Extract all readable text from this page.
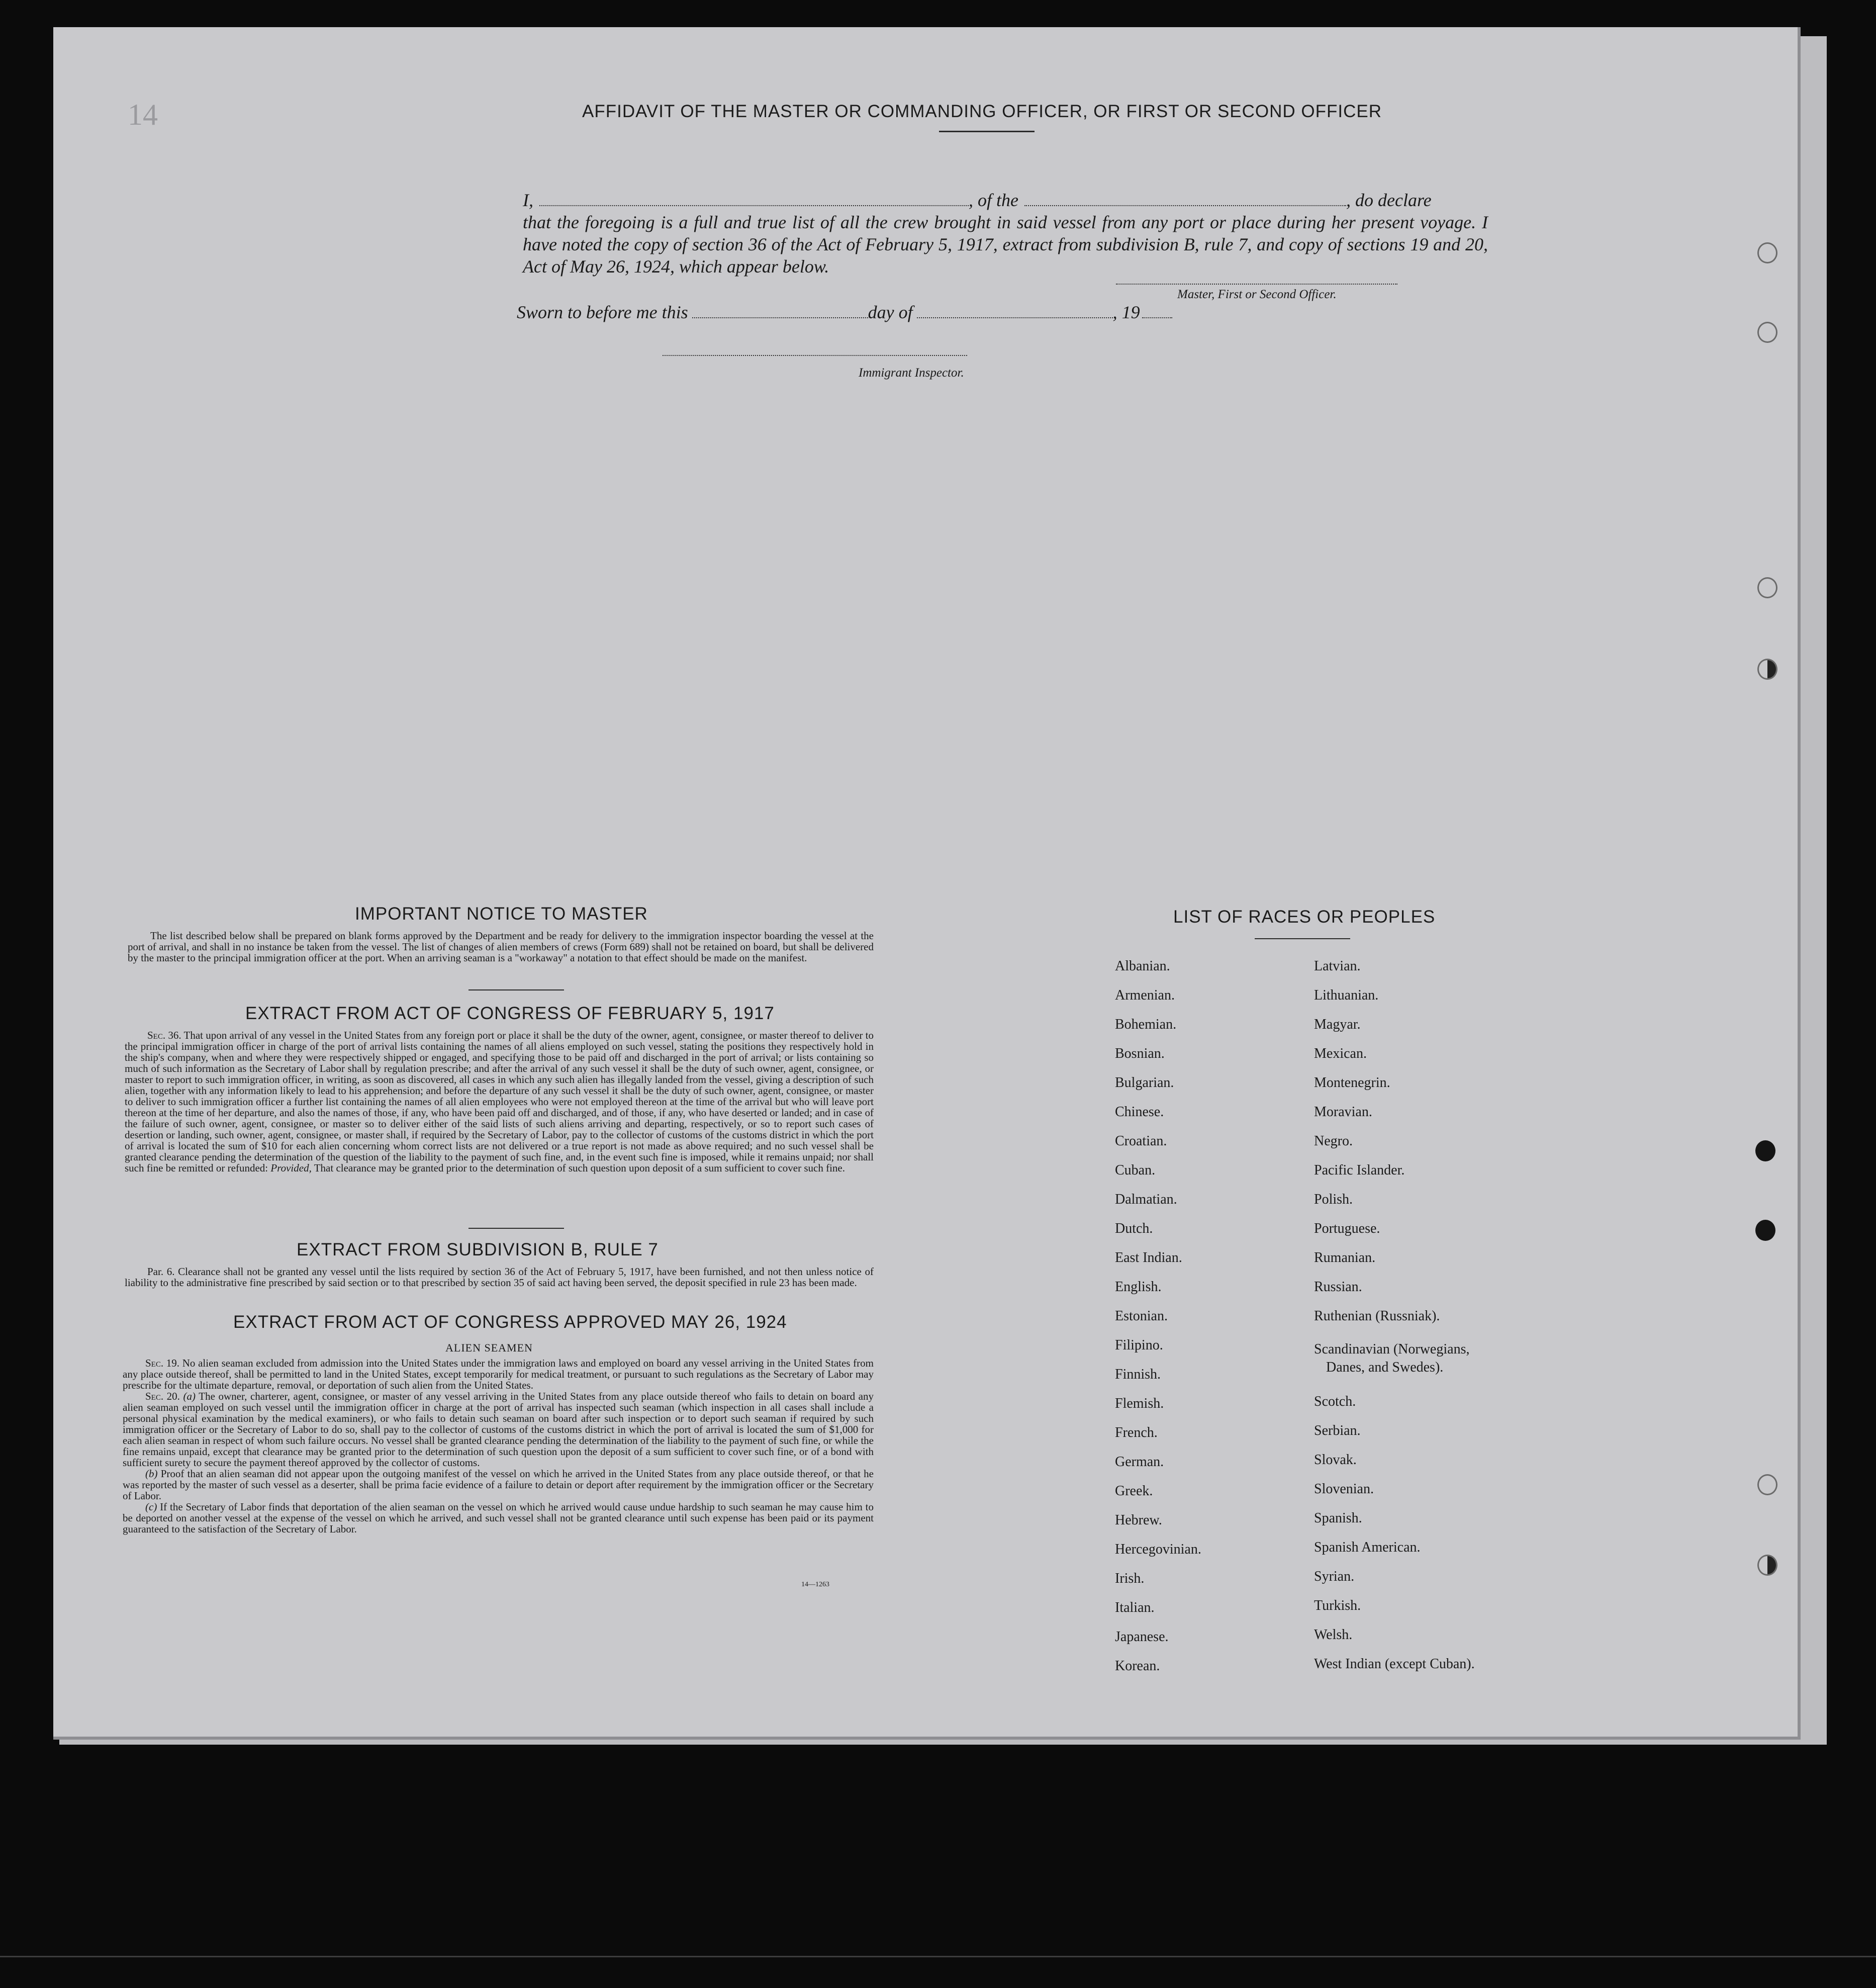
14	AFFIDAVIT OF THE MASTER OR COMMANDING OFFICER, OR FIRST OR SECOND OFFICER
I,	, of the	, do declare
that the foregoing is a full and true list of all the crew brought in said vessel from any port or place during her present voyage. I have noted the copy of section 36 of the Act of February 5, 1917, extract from subdivision B, rule 7, and copy of sections 19 and 20, Act of May 26, 1924, which appear below.
Master, First or Second Officer.
Sworn to before me this	day of	, 19
Immigrant Inspector.
IMPORTANT NOTICE TO MASTER

The list described below shall be prepared on blank forms approved by the Department and be ready for delivery to the immigration inspector boarding the vessel at the port of arrival, and shall in no instance be taken from the vessel. The list of changes of alien members of crews (Form 689) shall not be retained on board, but shall be delivered by the master to the principal immigration officer at the port. When an arriving seaman is a "workaway" a notation to that effect should be made on the manifest.

EXTRACT FROM ACT OF CONGRESS OF FEBRUARY 5, 1917

Sec. 36. That upon arrival of any vessel in the United States from any foreign port or place it shall be the duty of the owner, agent, consignee, or master thereof to deliver to the principal immigration officer in charge of the port of arrival lists containing the names of all aliens employed on such vessel, stating the positions they respectively hold in the ship's company, when and where they were respectively shipped or engaged, and specifying those to be paid off and discharged in the port of arrival; or lists containing so much of such information as the Secretary of Labor shall by regulation prescribe; and after the arrival of any such vessel it shall be the duty of such owner, agent, consignee, or master to report to such immigration officer, in writing, as soon as discovered, all cases in which any such alien has illegally landed from the vessel, giving a description of such alien, together with any information likely to lead to his apprehension; and before the departure of any such vessel it shall be the duty of such owner, agent, consignee, or master to deliver to such immigration officer a further list containing the names of all alien employees who were not employed thereon at the time of the arrival but who will leave port thereon at the time of her departure, and also the names of those, if any, who have been paid off and discharged, and of those, if any, who have deserted or landed; and in case of the failure of such owner, agent, consignee, or master so to deliver either of the said lists of such aliens arriving and departing, respectively, or so to report such cases of desertion or landing, such owner, agent, consignee, or master shall, if required by the Secretary of Labor, pay to the collector of customs of the customs district in which the port of arrival is located the sum of $10 for each alien concerning whom correct lists are not delivered or a true report is not made as above required; and no such vessel shall be granted clearance pending the determination of the question of the liability to the payment of such fine, and, in the event such fine is imposed, while it remains unpaid; nor shall such fine be remitted or refunded: Provided, That clearance may be granted prior to the determination of such question upon deposit of a sum sufficient to cover such fine.

EXTRACT FROM SUBDIVISION B, RULE 7

Par. 6. Clearance shall not be granted any vessel until the lists required by section 36 of the Act of February 5, 1917, have been furnished, and not then unless notice of liability to the administrative fine prescribed by said section or to that prescribed by section 35 of said act having been served, the deposit specified in rule 23 has been made.

EXTRACT FROM ACT OF CONGRESS APPROVED MAY 26, 1924
ALIEN SEAMEN

Sec. 19. No alien seaman excluded from admission into the United States under the immigration laws and employed on board any vessel arriving in the United States from any place outside thereof, shall be permitted to land in the United States, except temporarily for medical treatment, or pursuant to such regulations as the Secretary of Labor may prescribe for the ultimate departure, removal, or deportation of such alien from the United States.

Sec. 20. (a) The owner, charterer, agent, consignee, or master of any vessel arriving in the United States from any place outside thereof who fails to detain on board any alien seaman employed on such vessel until the immigration officer in charge at the port of arrival has inspected such seaman (which inspection in all cases shall include a personal physical examination by the medical examiners), or who fails to detain such seaman on board after such inspection or to deport such seaman if required by such immigration officer or the Secretary of Labor to do so, shall pay to the collector of customs of the customs district in which the port of arrival is located the sum of $1,000 for each alien seaman in respect of whom such failure occurs. No vessel shall be granted clearance pending the determination of the liability to the payment of such fine, or while the fine remains unpaid, except that clearance may be granted prior to the determination of such question upon the deposit of a sum sufficient to cover such fine, or of a bond with sufficient surety to secure the payment thereof approved by the collector of customs.

(b) Proof that an alien seaman did not appear upon the outgoing manifest of the vessel on which he arrived in the United States from any place outside thereof, or that he was reported by the master of such vessel as a deserter, shall be prima facie evidence of a failure to detain or deport after requirement by the immigration officer or the Secretary of Labor.

(c) If the Secretary of Labor finds that deportation of the alien seaman on the vessel on which he arrived would cause undue hardship to such seaman he may cause him to be deported on another vessel at the expense of the vessel on which he arrived, and such vessel shall not be granted clearance until such expense has been paid or its payment guaranteed to the satisfaction of the Secretary of Labor.

14—1263
LIST OF RACES OR PEOPLES
Albanian.
Armenian.
Bohemian.
Bosnian.
Bulgarian.
Chinese.
Croatian.
Cuban.
Dalmatian.
Dutch.
East Indian.
English.
Estonian.
Filipino.
Finnish.
Flemish.
French.
German.
Greek.
Hebrew.
Hercegovinian.
Irish.
Italian.
Japanese.
Korean.
Latvian.
Lithuanian.
Magyar.
Mexican.
Montenegrin.
Moravian.
Negro.
Pacific Islander.
Polish.
Portuguese.
Rumanian.
Russian.
Ruthenian (Russniak).
Scandinavian (Norwegians,
Danes, and Swedes).
Scotch.
Serbian.
Slovak.
Slovenian.
Spanish.
Spanish American.
Syrian.
Turkish.
Welsh.
West Indian (except Cuban).
